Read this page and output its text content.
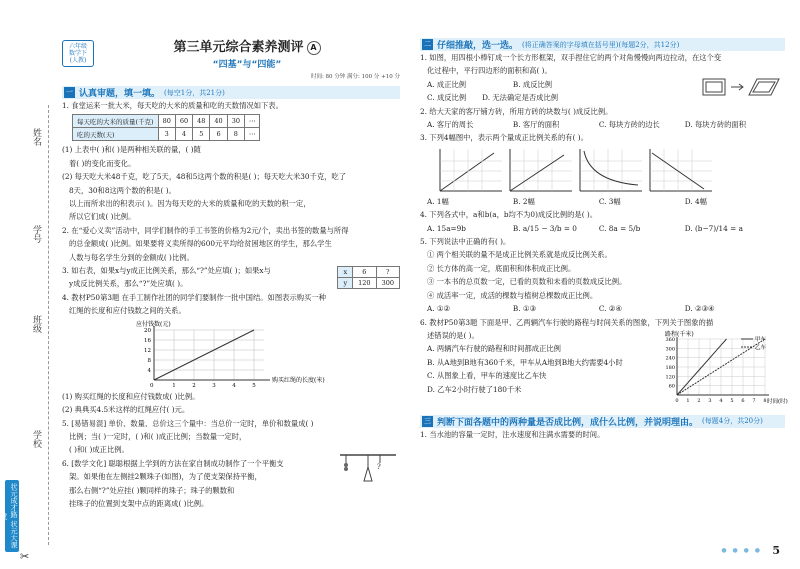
姓名
学号
班级
学校
状元成才路 状元大课堂
✂
六年级
数学下
(人教)
第三单元综合素养测评 A
“四基”与“四能”
时间: 80 分钟 满分: 100 分 +10 分
一 认真审题，填一填。 (每空1分，共21分)

1. 食堂运来一批大米，每天吃的大米的质量和吃的天数情况如下表。

每天吃的大米的质量(千克)	80	60	48	40	30	⋯
吃的天数(天)	3	4	5	6	8	⋯

(1) 上表中( )和( )是两种相关联的量，( )随

着( )的变化而变化。

(2) 每天吃大米48千克，吃了5天，48和5这两个数的积是( )；每天吃大米30千克，吃了

8天，30和8这两个数的积是( )。

以上而所求出的积表示( )。因为每天吃的大米的质量和吃的天数的积一定，

所以它们成( )比例。

2. 在“爱心义卖”活动中，同学们制作的手工书签的价格为2元/个，卖出书签的数量与所得

的总金额成( )比例。如果要将义卖所得的600元平均给贫困地区的学生，那么学生

人数与每名学生分到的金额成( )比例。

3. 如右表，如果x与y成正比例关系，那么“?”处应填( )；如果x与

y成反比例关系，那么“?”处应填( )。

x	6	?
y	120	300

4. 教材P50第3题 在手工制作社团的同学们要制作一批中国结。如图表示购买一种

红绳的长度和应付钱数之间的关系。

应付钱数(元)
4
8
12
16
20
1	2	3	4	5
0
购买红绳的长度(米)

(1) 购买红绳的长度和应付钱数成( )比例。

(2) 典典买4.5米这样的红绳应付( )元。

5. [易错易混] 单价、数量、总价这三个量中：当总价一定时，单价和数量成( )

比例；当( )一定时，( )和( )成正比例；当数量一定时，

( )和( )成正比例。

6. [数学文化] 聪聪根据上学到的方法在家自制成功制作了一个平衡支

架。如果他在左侧挂2颗珠子(如图)，为了使支架保持平衡，

那么右侧“?”处应挂( )颗同样的珠子；珠子的颗数和

挂珠子的位置到支架中点的距离成( )比例。

?
二 仔细推敲，选一选。 (将正确答案的字母填在括号里)(每题2分，共12分)

1. 如图，用四根小棒钉成一个长方形框架，双手捏住它的两个对角慢慢向两边拉动，在这个变

化过程中，平行四边形的面积和高( )。

A. 成正比例	B. 成反比例
C. 成反比例 D. 无法确定是否成比例

2. 给大天家的客厅铺方砖，所用方砖的块数与( )成反比例。

A. 客厅的周长	B. 客厅的面积	C. 每块方砖的边长	D. 每块方砖的面积

3. 下列4幅图中，表示两个量成正比例关系的有( )。

A. 1幅	B. 2幅	C. 3幅	D. 4幅

4. 下列各式中，a和b(a，b均不为0)成反比例的是( )。

A. 15a=9b	B. a/15 − 3/b = 0	C. 8a = 5/b	D. (b−7)/14 = a

5. 下列说法中正确的有( )。

① 两个相关联的量不是成正比例关系就是成反比例关系。

② 长方体的高一定，底面积和体积成正比例。

③ 一本书的总页数一定，已看的页数和未看的页数成反比例。

④ 成活率一定，成活的棵数与植树总棵数成正比例。

A. ①②	B. ①③	C. ②④	D. ②③④

6. 教材P50第3题 下面是甲、乙两辆汽车行驶的路程与时间关系的图象，下列关于图象的描

述错误的是( )。

A. 两辆汽车行驶的路程和时间都成正比例

B. 从A地到B地有360千米，甲车从A地到B地大约需要4小时

C. 从图象上看，甲车的速度比乙车快

D. 乙车2小时行驶了180千米

路程(千米)
60
120
180
240
300
360
0 1 2 3 4 5 6 7 8 时间(时)
甲车
乙车
三 判断下面各题中的两种量是否成比例，成什么比例，并说明理由。 (每题4分，共20分)

1. 当水池的容量一定时，注水速度和注满水需要的时间。

● ● ● ● 5
